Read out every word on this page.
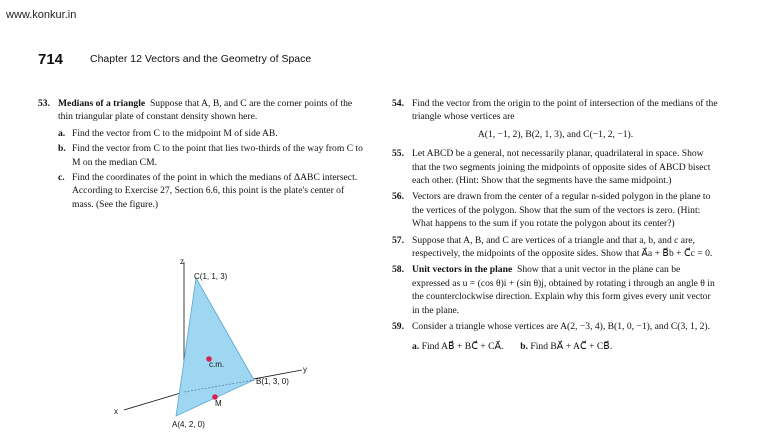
www.konkur.in
714	Chapter 12 Vectors and the Geometry of Space

53. Medians of a triangle Suppose that A, B, and C are the corner points of the thin triangular plate of constant density shown here.

a. Find the vector from C to the midpoint M of side AB.

b. Find the vector from C to the point that lies two-thirds of the way from C to M on the median CM.

c. Find the coordinates of the point in which the medians of ΔABC intersect. According to Exercise 27, Section 6.6, this point is the plate's center of mass. (See the figure.)

z
y
x
C(1, 1, 3)
B(1, 3, 0)
A(4, 2, 0)
M
c.m.

54. Find the vector from the origin to the point of intersection of the medians of the triangle whose vertices are

A(1, −1, 2), B(2, 1, 3), and C(−1, 2, −1).

55. Let ABCD be a general, not necessarily planar, quadrilateral in space. Show that the two segments joining the midpoints of opposite sides of ABCD bisect each other. (Hint: Show that the segments have the same midpoint.)

56. Vectors are drawn from the center of a regular n-sided polygon in the plane to the vertices of the polygon. Show that the sum of the vectors is zero. (Hint: What happens to the sum if you rotate the polygon about its center?)

57. Suppose that A, B, and C are vertices of a triangle and that a, b, and c are, respectively, the midpoints of the opposite sides. Show that A⃗a + B⃗b + C⃗c = 0.

58. Unit vectors in the plane Show that a unit vector in the plane can be expressed as u = (cos θ)i + (sin θ)j, obtained by rotating i through an angle θ in the counterclockwise direction. Explain why this form gives every unit vector in the plane.

59. Consider a triangle whose vertices are A(2, −3, 4), B(1, 0, −1), and C(3, 1, 2).

a. Find AB⃗ + BC⃗ + CA⃗. b. Find BA⃗ + AC⃗ + CB⃗.
